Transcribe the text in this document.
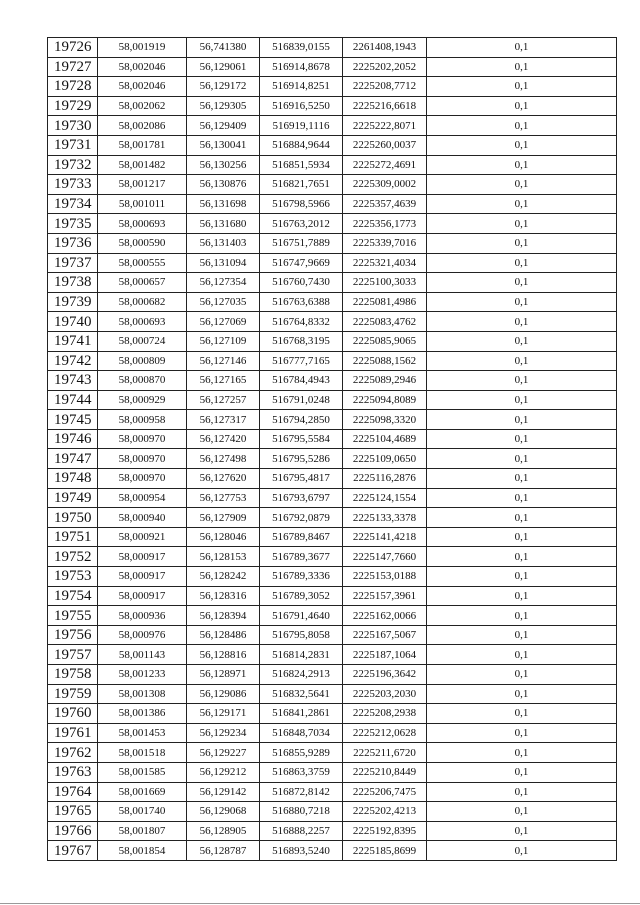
19726	58,001919	56,741380	516839,0155	2261408,1943	0,1
19727	58,002046	56,129061	516914,8678	2225202,2052	0,1
19728	58,002046	56,129172	516914,8251	2225208,7712	0,1
19729	58,002062	56,129305	516916,5250	2225216,6618	0,1
19730	58,002086	56,129409	516919,1116	2225222,8071	0,1
19731	58,001781	56,130041	516884,9644	2225260,0037	0,1
19732	58,001482	56,130256	516851,5934	2225272,4691	0,1
19733	58,001217	56,130876	516821,7651	2225309,0002	0,1
19734	58,001011	56,131698	516798,5966	2225357,4639	0,1
19735	58,000693	56,131680	516763,2012	2225356,1773	0,1
19736	58,000590	56,131403	516751,7889	2225339,7016	0,1
19737	58,000555	56,131094	516747,9669	2225321,4034	0,1
19738	58,000657	56,127354	516760,7430	2225100,3033	0,1
19739	58,000682	56,127035	516763,6388	2225081,4986	0,1
19740	58,000693	56,127069	516764,8332	2225083,4762	0,1
19741	58,000724	56,127109	516768,3195	2225085,9065	0,1
19742	58,000809	56,127146	516777,7165	2225088,1562	0,1
19743	58,000870	56,127165	516784,4943	2225089,2946	0,1
19744	58,000929	56,127257	516791,0248	2225094,8089	0,1
19745	58,000958	56,127317	516794,2850	2225098,3320	0,1
19746	58,000970	56,127420	516795,5584	2225104,4689	0,1
19747	58,000970	56,127498	516795,5286	2225109,0650	0,1
19748	58,000970	56,127620	516795,4817	2225116,2876	0,1
19749	58,000954	56,127753	516793,6797	2225124,1554	0,1
19750	58,000940	56,127909	516792,0879	2225133,3378	0,1
19751	58,000921	56,128046	516789,8467	2225141,4218	0,1
19752	58,000917	56,128153	516789,3677	2225147,7660	0,1
19753	58,000917	56,128242	516789,3336	2225153,0188	0,1
19754	58,000917	56,128316	516789,3052	2225157,3961	0,1
19755	58,000936	56,128394	516791,4640	2225162,0066	0,1
19756	58,000976	56,128486	516795,8058	2225167,5067	0,1
19757	58,001143	56,128816	516814,2831	2225187,1064	0,1
19758	58,001233	56,128971	516824,2913	2225196,3642	0,1
19759	58,001308	56,129086	516832,5641	2225203,2030	0,1
19760	58,001386	56,129171	516841,2861	2225208,2938	0,1
19761	58,001453	56,129234	516848,7034	2225212,0628	0,1
19762	58,001518	56,129227	516855,9289	2225211,6720	0,1
19763	58,001585	56,129212	516863,3759	2225210,8449	0,1
19764	58,001669	56,129142	516872,8142	2225206,7475	0,1
19765	58,001740	56,129068	516880,7218	2225202,4213	0,1
19766	58,001807	56,128905	516888,2257	2225192,8395	0,1
19767	58,001854	56,128787	516893,5240	2225185,8699	0,1
